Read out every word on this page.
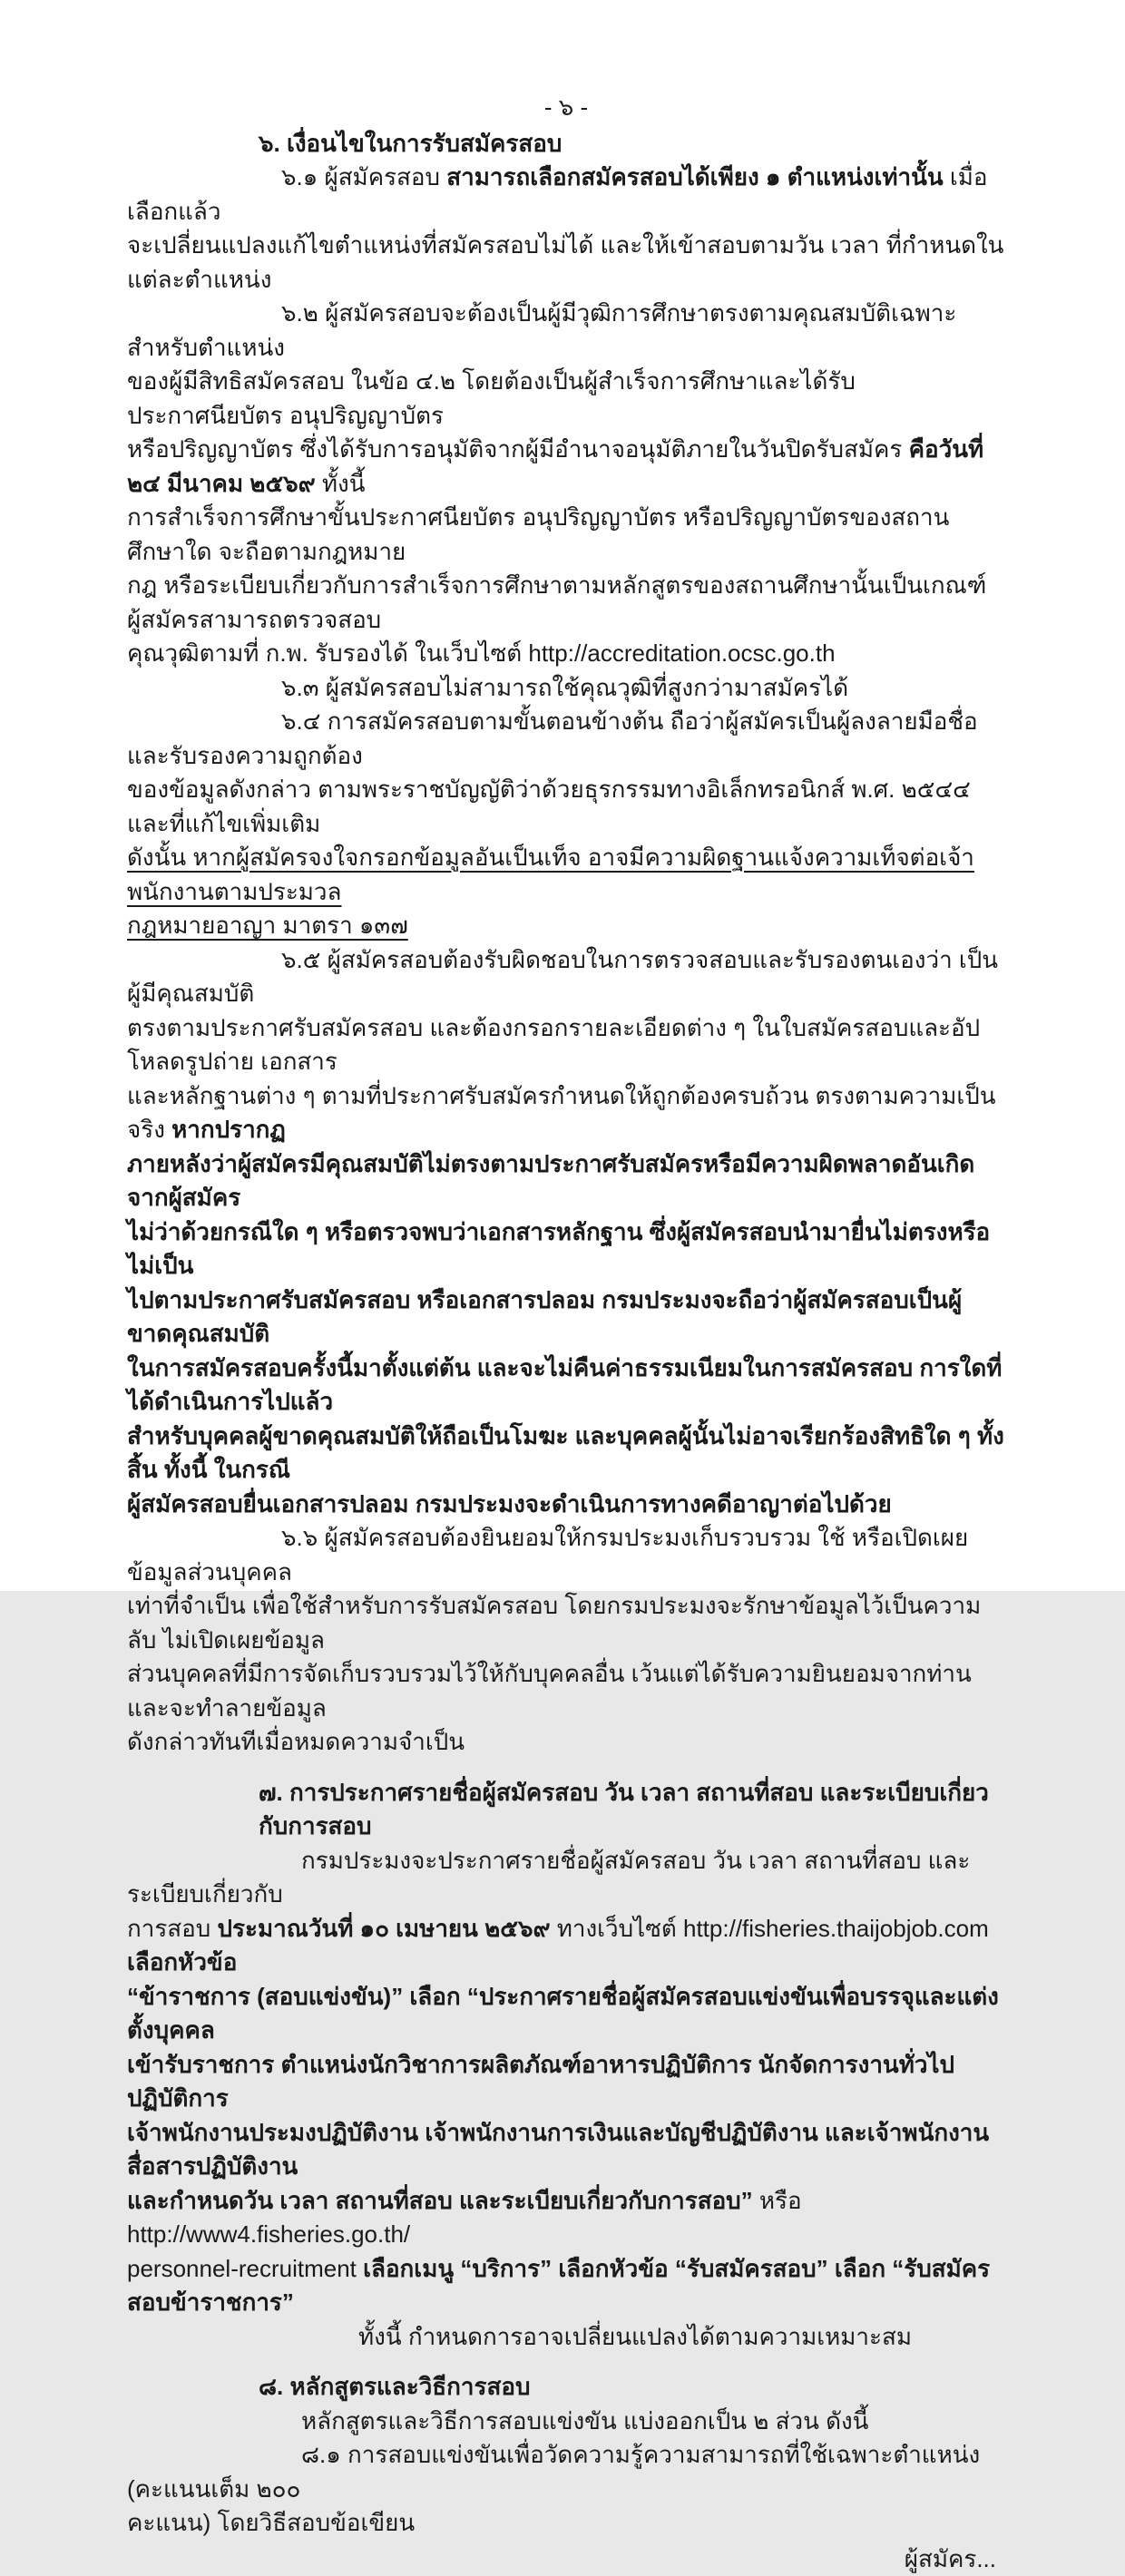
- ๖ -
๖. เงื่อนไขในการรับสมัครสอบ
๖.๑ ผู้สมัครสอบ สามารถเลือกสมัครสอบได้เพียง ๑ ตำแหน่งเท่านั้น เมื่อเลือกแล้ว
จะเปลี่ยนแปลงแก้ไขตำแหน่งที่สมัครสอบไม่ได้ และให้เข้าสอบตามวัน เวลา ที่กำหนดในแต่ละตำแหน่ง
๖.๒ ผู้สมัครสอบจะต้องเป็นผู้มีวุฒิการศึกษาตรงตามคุณสมบัติเฉพาะสำหรับตำแหน่ง
ของผู้มีสิทธิสมัครสอบ ในข้อ ๔.๒ โดยต้องเป็นผู้สำเร็จการศึกษาและได้รับประกาศนียบัตร อนุปริญญาบัตร
หรือปริญญาบัตร ซึ่งได้รับการอนุมัติจากผู้มีอำนาจอนุมัติภายในวันปิดรับสมัคร คือวันที่ ๒๔ มีนาคม ๒๕๖๙ ทั้งนี้
การสำเร็จการศึกษาขั้นประกาศนียบัตร อนุปริญญาบัตร หรือปริญญาบัตรของสถานศึกษาใด จะถือตามกฎหมาย
กฎ หรือระเบียบเกี่ยวกับการสำเร็จการศึกษาตามหลักสูตรของสถานศึกษานั้นเป็นเกณฑ์ ผู้สมัครสามารถตรวจสอบ
คุณวุฒิตามที่ ก.พ. รับรองได้ ในเว็บไซต์ http://accreditation.ocsc.go.th
๖.๓ ผู้สมัครสอบไม่สามารถใช้คุณวุฒิที่สูงกว่ามาสมัครได้
๖.๔ การสมัครสอบตามขั้นตอนข้างต้น ถือว่าผู้สมัครเป็นผู้ลงลายมือชื่อ และรับรองความถูกต้อง
ของข้อมูลดังกล่าว ตามพระราชบัญญัติว่าด้วยธุรกรรมทางอิเล็กทรอนิกส์ พ.ศ. ๒๕๔๔ และที่แก้ไขเพิ่มเติม
ดังนั้น หากผู้สมัครจงใจกรอกข้อมูลอันเป็นเท็จ อาจมีความผิดฐานแจ้งความเท็จต่อเจ้าพนักงานตามประมวล
กฎหมายอาญา มาตรา ๑๓๗
๖.๕ ผู้สมัครสอบต้องรับผิดชอบในการตรวจสอบและรับรองตนเองว่า เป็นผู้มีคุณสมบัติ
ตรงตามประกาศรับสมัครสอบ และต้องกรอกรายละเอียดต่าง ๆ ในใบสมัครสอบและอัปโหลดรูปถ่าย เอกสาร
และหลักฐานต่าง ๆ ตามที่ประกาศรับสมัครกำหนดให้ถูกต้องครบถ้วน ตรงตามความเป็นจริง หากปรากฏ
ภายหลังว่าผู้สมัครมีคุณสมบัติไม่ตรงตามประกาศรับสมัครหรือมีความผิดพลาดอันเกิดจากผู้สมัคร
ไม่ว่าด้วยกรณีใด ๆ หรือตรวจพบว่าเอกสารหลักฐาน ซึ่งผู้สมัครสอบนำมายื่นไม่ตรงหรือไม่เป็น
ไปตามประกาศรับสมัครสอบ หรือเอกสารปลอม กรมประมงจะถือว่าผู้สมัครสอบเป็นผู้ขาดคุณสมบัติ
ในการสมัครสอบครั้งนี้มาตั้งแต่ต้น และจะไม่คืนค่าธรรมเนียมในการสมัครสอบ การใดที่ได้ดำเนินการไปแล้ว
สำหรับบุคคลผู้ขาดคุณสมบัติให้ถือเป็นโมฆะ และบุคคลผู้นั้นไม่อาจเรียกร้องสิทธิใด ๆ ทั้งสิ้น ทั้งนี้ ในกรณี
ผู้สมัครสอบยื่นเอกสารปลอม กรมประมงจะดำเนินการทางคดีอาญาต่อไปด้วย
๖.๖ ผู้สมัครสอบต้องยินยอมให้กรมประมงเก็บรวบรวม ใช้ หรือเปิดเผยข้อมูลส่วนบุคคล
เท่าที่จำเป็น เพื่อใช้สำหรับการรับสมัครสอบ โดยกรมประมงจะรักษาข้อมูลไว้เป็นความลับ ไม่เปิดเผยข้อมูล
ส่วนบุคคลที่มีการจัดเก็บรวบรวมไว้ให้กับบุคคลอื่น เว้นแต่ได้รับความยินยอมจากท่าน และจะทำลายข้อมูล
ดังกล่าวทันทีเมื่อหมดความจำเป็น
๗. การประกาศรายชื่อผู้สมัครสอบ วัน เวลา สถานที่สอบ และระเบียบเกี่ยวกับการสอบ
กรมประมงจะประกาศรายชื่อผู้สมัครสอบ วัน เวลา สถานที่สอบ และระเบียบเกี่ยวกับ
การสอบ ประมาณวันที่ ๑๐ เมษายน ๒๕๖๙ ทางเว็บไซต์ http://fisheries.thaijobjob.com เลือกหัวข้อ
“ข้าราชการ (สอบแข่งขัน)” เลือก “ประกาศรายชื่อผู้สมัครสอบแข่งขันเพื่อบรรจุและแต่งตั้งบุคคล
เข้ารับราชการ ตำแหน่งนักวิชาการผลิตภัณฑ์อาหารปฏิบัติการ นักจัดการงานทั่วไปปฏิบัติการ
เจ้าพนักงานประมงปฏิบัติงาน เจ้าพนักงานการเงินและบัญชีปฏิบัติงาน และเจ้าพนักงานสื่อสารปฏิบัติงาน
และกำหนดวัน เวลา สถานที่สอบ และระเบียบเกี่ยวกับการสอบ” หรือ http://www4.fisheries.go.th/
personnel-recruitment เลือกเมนู “บริการ” เลือกหัวข้อ “รับสมัครสอบ” เลือก “รับสมัครสอบข้าราชการ”
ทั้งนี้ กำหนดการอาจเปลี่ยนแปลงได้ตามความเหมาะสม
๘. หลักสูตรและวิธีการสอบ
หลักสูตรและวิธีการสอบแข่งขัน แบ่งออกเป็น ๒ ส่วน ดังนี้
๘.๑ การสอบแข่งขันเพื่อวัดความรู้ความสามารถที่ใช้เฉพาะตำแหน่ง (คะแนนเต็ม ๒๐๐
คะแนน) โดยวิธีสอบข้อเขียน
ผู้สมัคร...
